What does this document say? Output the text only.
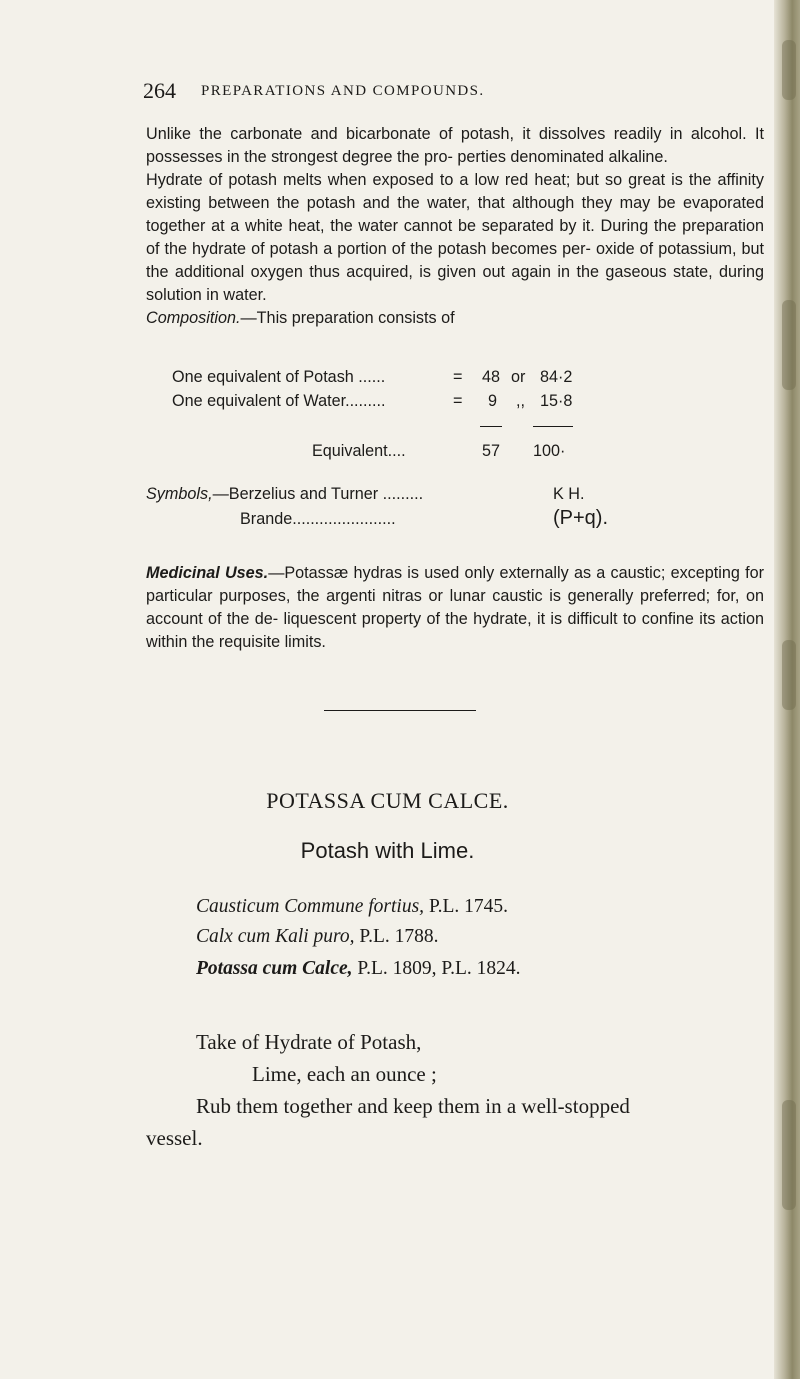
264 PREPARATIONS AND COMPOUNDS.

Unlike the carbonate and bicarbonate of potash, it dissolves readily in alcohol. It possesses in the strongest degree the pro- perties denominated alkaline.

Hydrate of potash melts when exposed to a low red heat; but so great is the affinity existing between the potash and the water, that although they may be evaporated together at a white heat, the water cannot be separated by it. During the preparation of the hydrate of potash a portion of the potash becomes per- oxide of potassium, but the additional oxygen thus acquired, is given out again in the gaseous state, during solution in water.

Composition.—This preparation consists of

One equivalent of Potash ......	= 48 or 84·2
One equivalent of Water.........	= 9 ,, 15·8
Equivalent....	57 100·
Symbols,—Berzelius and Turner .........	K H.
Brande.......................	(P+q).

Medicinal Uses.—Potassæ hydras is used only externally as a caustic; excepting for particular purposes, the argenti nitras or lunar caustic is generally preferred; for, on account of the de- liquescent property of the hydrate, it is difficult to confine its action within the requisite limits.

POTASSA CUM CALCE.
Potash with Lime.
Causticum Commune fortius, P.L. 1745.
Calx cum Kali puro, P.L. 1788.
Potassa cum Calce, P.L. 1809, P.L. 1824.
Take of Hydrate of Potash,
Lime, each an ounce ;
Rub them together and keep them in a well-stopped
vessel.
